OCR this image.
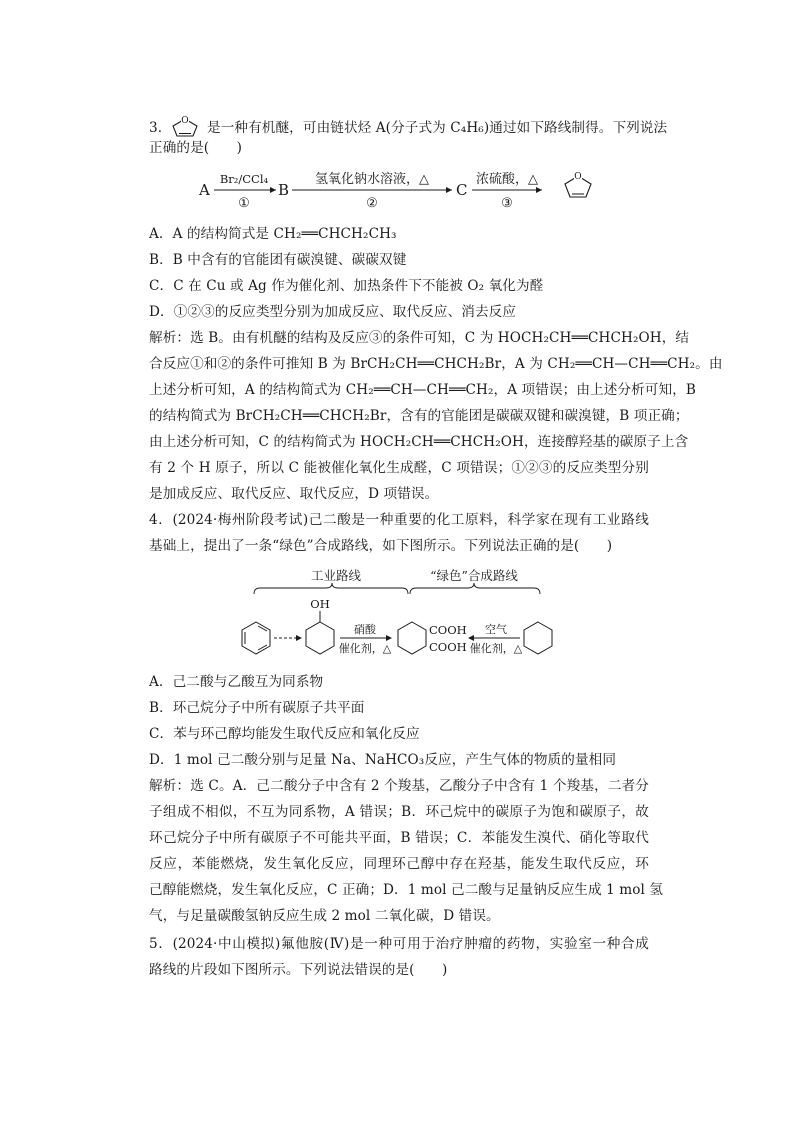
3. O 是一种有机醚，可由链状烃 A(分子式为 C₄H₆)通过如下路线制得。下列说法
正确的是(　　)
A
Br₂/CCl₄
①
B
氢氧化钠水溶液，△
②
C
浓硫酸，△
③
O
A．A 的结构简式是 CH₂══CHCH₂CH₃
B．B 中含有的官能团有碳溴键、碳碳双键
C．C 在 Cu 或 Ag 作为催化剂、加热条件下不能被 O₂ 氧化为醛
D．①②③的反应类型分别为加成反应、取代反应、消去反应
解析：选 B。由有机醚的结构及反应③的条件可知，C 为 HOCH₂CH══CHCH₂OH，结
合反应①和②的条件可推知 B 为 BrCH₂CH══CHCH₂Br，A 为 CH₂══CH—CH══CH₂。由
上述分析可知，A 的结构简式为 CH₂══CH—CH══CH₂，A 项错误；由上述分析可知，B
的结构简式为 BrCH₂CH══CHCH₂Br，含有的官能团是碳碳双键和碳溴键，B 项正确；
由上述分析可知，C 的结构简式为 HOCH₂CH══CHCH₂OH，连接醇羟基的碳原子上含
有 2 个 H 原子，所以 C 能被催化氧化生成醛，C 项错误；①②③的反应类型分别
是加成反应、取代反应、取代反应，D 项错误。
4．(2024·梅州阶段考试)己二酸是一种重要的化工原料，科学家在现有工业路线
基础上，提出了一条“绿色”合成路线，如下图所示。下列说法正确的是(　　)
工业路线	“绿色”合成路线
OH
硝酸
催化剂，△
COOH
COOH
空气
催化剂，△
A．己二酸与乙酸互为同系物
B．环己烷分子中所有碳原子共平面
C．苯与环己醇均能发生取代反应和氧化反应
D．1 mol 己二酸分别与足量 Na、NaHCO₃反应，产生气体的物质的量相同
解析：选 C。A．己二酸分子中含有 2 个羧基，乙酸分子中含有 1 个羧基，二者分
子组成不相似，不互为同系物，A 错误；B．环己烷中的碳原子为饱和碳原子，故
环己烷分子中所有碳原子不可能共平面，B 错误；C．苯能发生溴代、硝化等取代
反应，苯能燃烧，发生氧化反应，同理环己醇中存在羟基，能发生取代反应，环
己醇能燃烧，发生氧化反应，C 正确；D．1 mol 己二酸与足量钠反应生成 1 mol 氢
气，与足量碳酸氢钠反应生成 2 mol 二氧化碳，D 错误。
5．(2024·中山模拟)氟他胺(Ⅳ)是一种可用于治疗肿瘤的药物，实验室一种合成
路线的片段如下图所示。下列说法错误的是(　　)
